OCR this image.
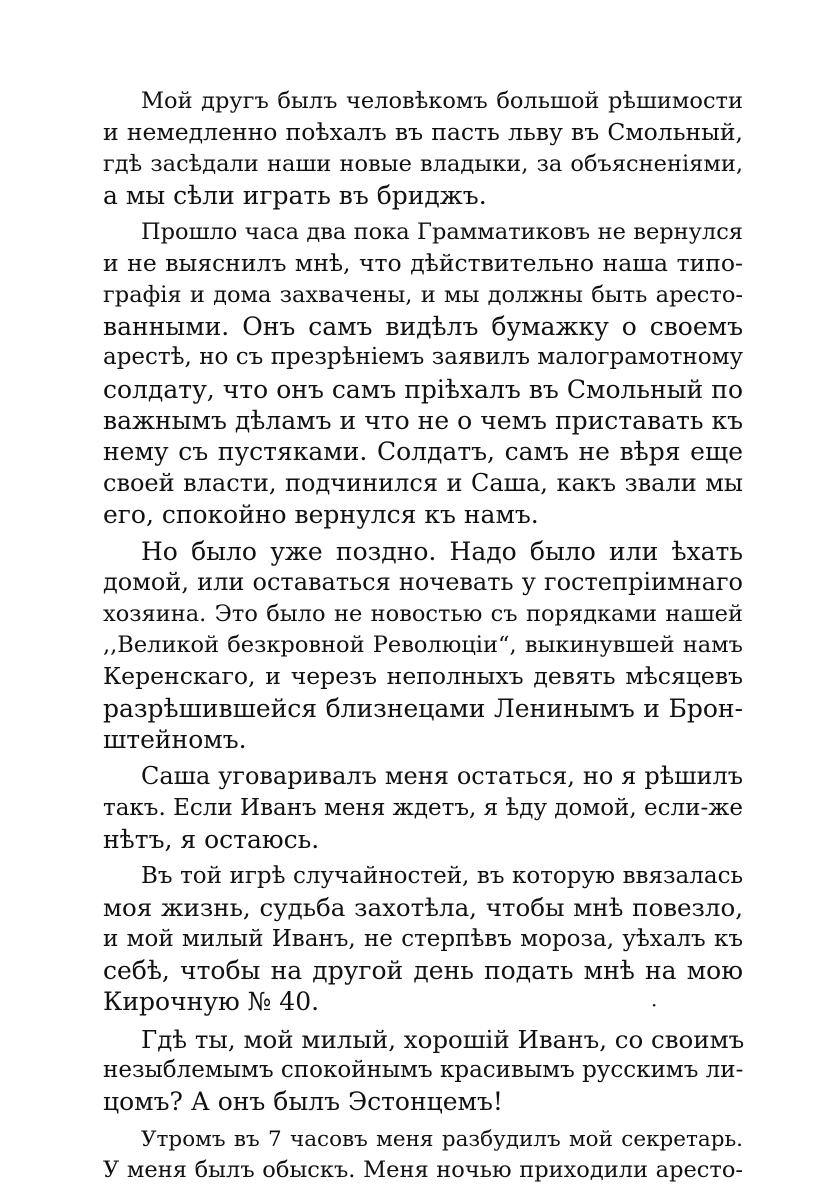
Мой другъ былъ человѣкомъ большой рѣшимости
и немедленно поѣхалъ въ пасть льву въ Смольный,
гдѣ засѣдали наши новые владыки, за объясненіями,
а мы сѣли играть въ бриджъ.
Прошло часа два пока Грамматиковъ не вернулся
и не выяснилъ мнѣ, что дѣйствительно наша типо-
графія и дома захвачены, и мы должны быть аресто-
ванными. Онъ самъ видѣлъ бумажку о своемъ
арестѣ, но съ презрѣніемъ заявилъ малограмотному
солдату, что онъ самъ пріѣхалъ въ Смольный по
важнымъ дѣламъ и что не о чемъ приставать къ
нему съ пустяками. Солдатъ, самъ не вѣря еще
своей власти, подчинился и Саша, какъ звали мы
его, спокойно вернулся къ намъ.
Но было уже поздно. Надо было или ѣхать
домой, или оставаться ночевать у гостепріимнаго
хозяина. Это было не новостью съ порядками нашей
,,Великой безкровной Революціи“, выкинувшей намъ
Керенскаго, и черезъ неполныхъ девять мѣсяцевъ
разрѣшившейся близнецами Ленинымъ и Брон-
штейномъ.
Саша уговаривалъ меня остаться, но я рѣшилъ
такъ. Если Иванъ меня ждетъ, я ѣду домой, если-же
нѣтъ, я остаюсь.
Въ той игрѣ случайностей, въ которую ввязалась
моя жизнь, судьба захотѣла, чтобы мнѣ повезло,
и мой милый Иванъ, не стерпѣвъ мороза, уѣхалъ къ
себѣ, чтобы на другой день подать мнѣ на мою
Кирочную № 40.
Гдѣ ты, мой милый, хорошій Иванъ, со своимъ
незыблемымъ спокойнымъ красивымъ русскимъ ли-
цомъ? А онъ былъ Эстонцемъ!
Утромъ въ 7 часовъ меня разбудилъ мой секретарь.
У меня былъ обыскъ. Меня ночью приходили аресто-
·
